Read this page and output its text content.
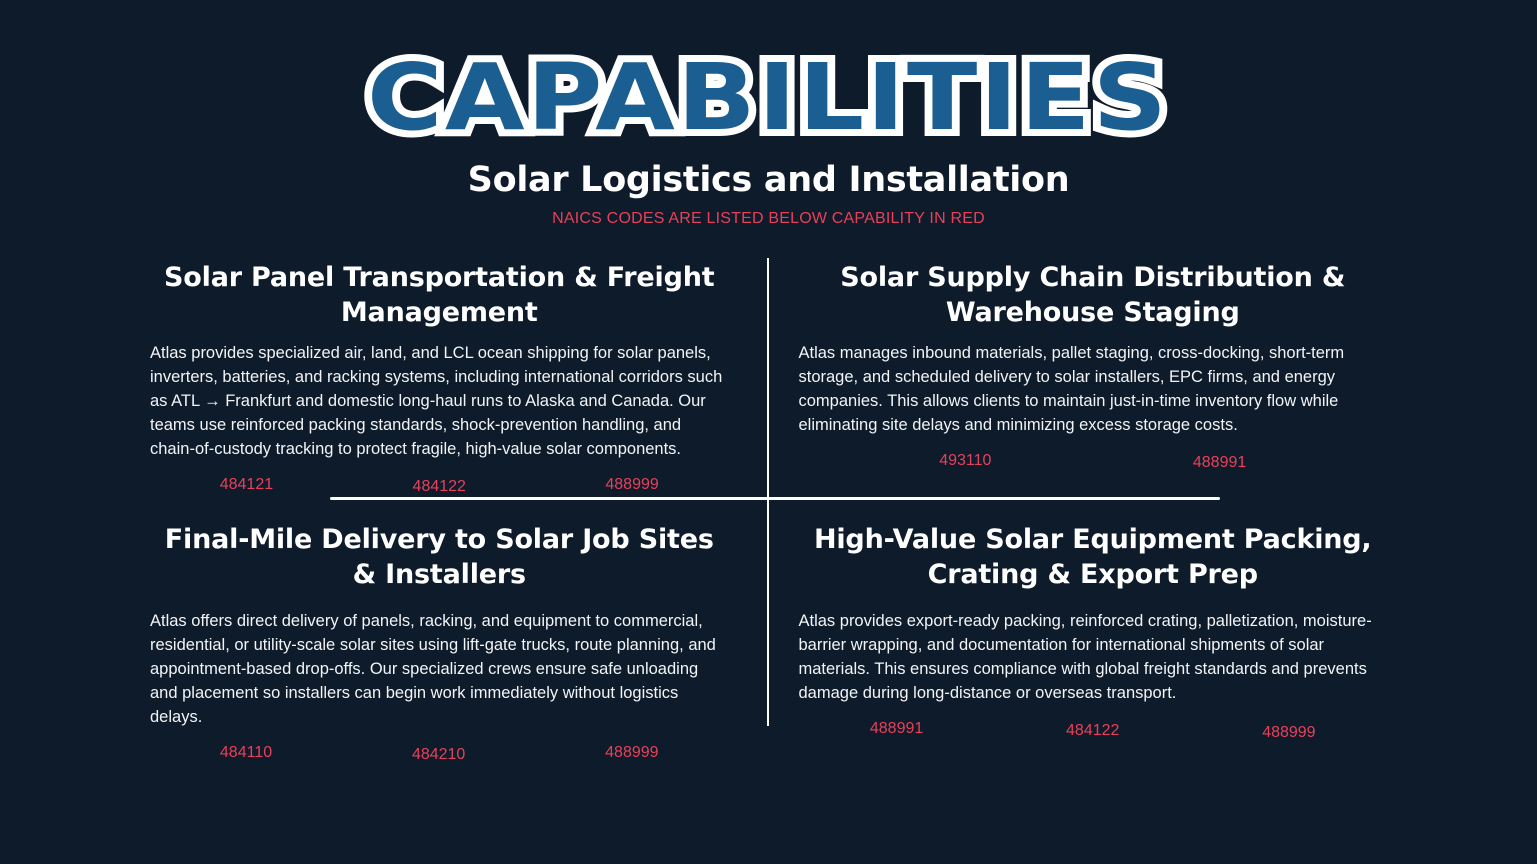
CAPABILITIES
Solar Logistics and Installation
NAICS CODES ARE LISTED BELOW CAPABILITY IN RED
Solar Panel Transportation & Freight Management
Atlas provides specialized air, land, and LCL ocean shipping for solar panels, inverters, batteries, and racking systems, including international corridors such as ATL → Frankfurt and domestic long-haul runs to Alaska and Canada. Our teams use reinforced packing standards, shock-prevention handling, and chain-of-custody tracking to protect fragile, high-value solar components.
484121	484122	488999
Solar Supply Chain Distribution & Warehouse Staging
Atlas manages inbound materials, pallet staging, cross-docking, short-term storage, and scheduled delivery to solar installers, EPC firms, and energy companies. This allows clients to maintain just-in-time inventory flow while eliminating site delays and minimizing excess storage costs.
493110	488991
Final-Mile Delivery to Solar Job Sites & Installers
Atlas offers direct delivery of panels, racking, and equipment to commercial, residential, or utility-scale solar sites using lift-gate trucks, route planning, and appointment-based drop-offs. Our specialized crews ensure safe unloading and placement so installers can begin work immediately without logistics delays.
484110	484210	488999
High-Value Solar Equipment Packing, Crating & Export Prep
Atlas provides export-ready packing, reinforced crating, palletization, moisture-barrier wrapping, and documentation for international shipments of solar materials. This ensures compliance with global freight standards and prevents damage during long-distance or overseas transport.
488991	484122	488999
